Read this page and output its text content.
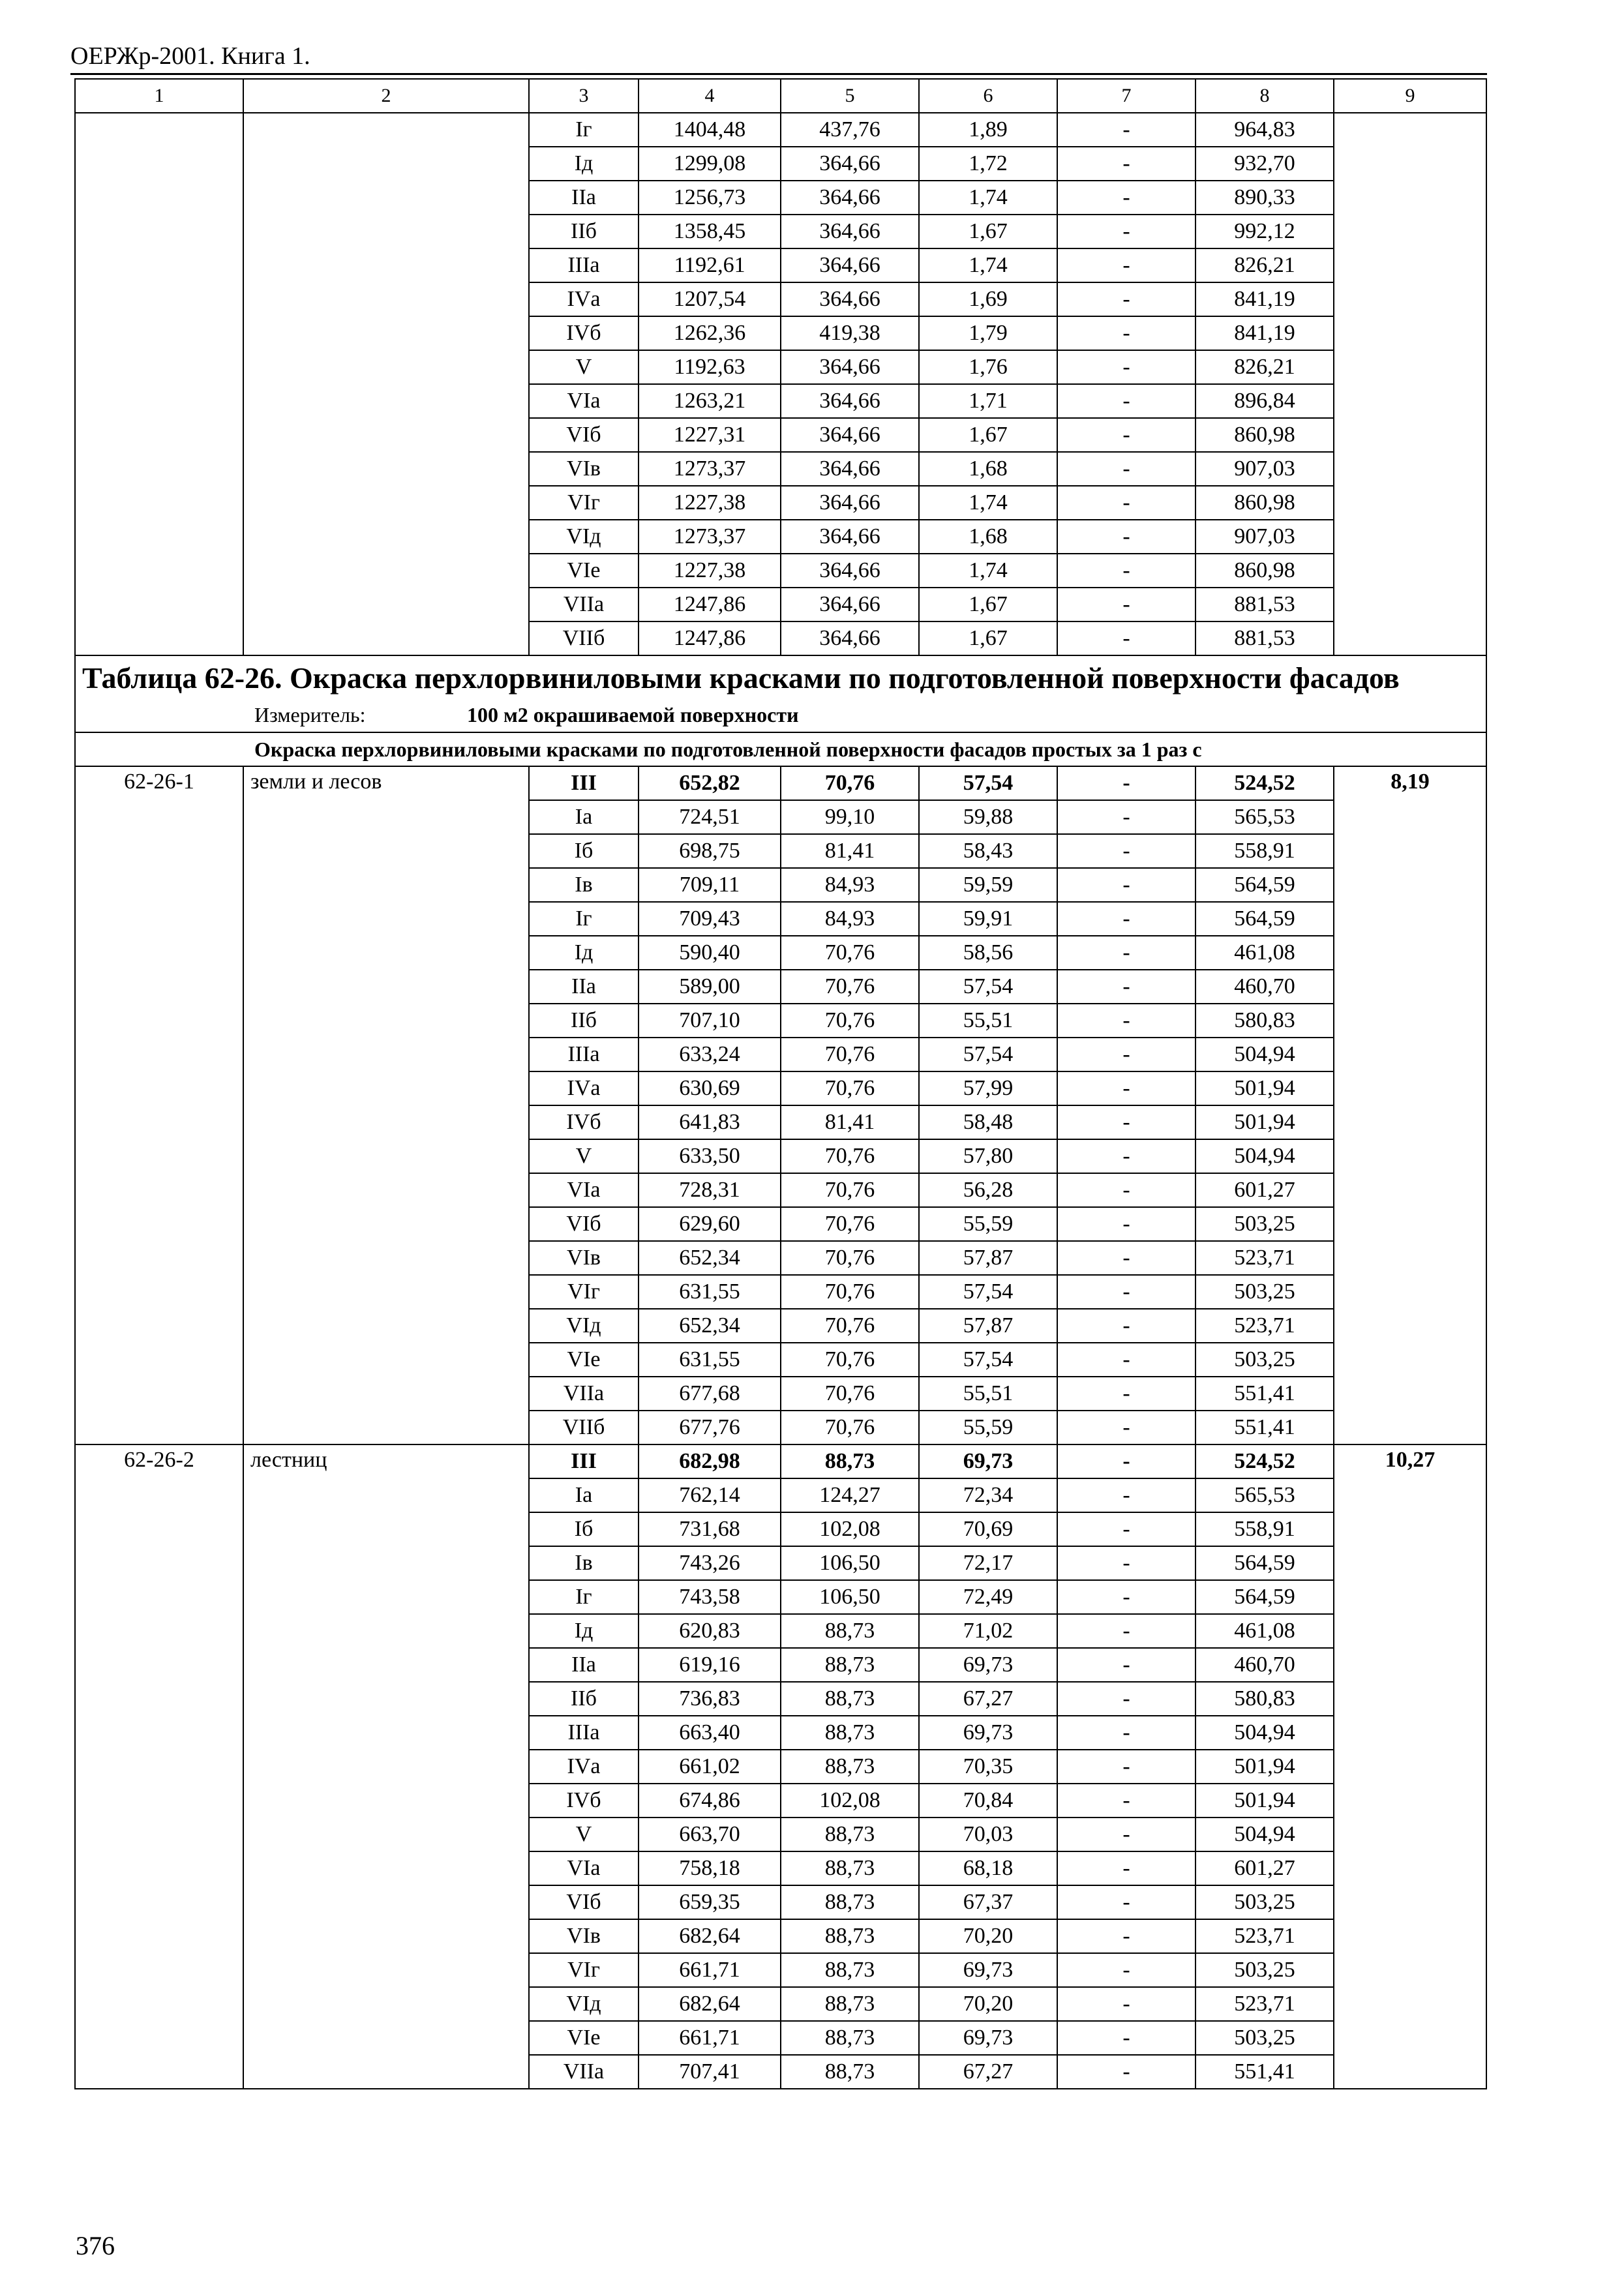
ОЕРЖр-2001. Книга 1.
1	2	3	4	5	6	7	8	9
		Iг	1404,48	437,76	1,89	-	964,83	
		Iд	1299,08	364,66	1,72	-	932,70	
		IIа	1256,73	364,66	1,74	-	890,33	
		IIб	1358,45	364,66	1,67	-	992,12	
		IIIа	1192,61	364,66	1,74	-	826,21	
		IVа	1207,54	364,66	1,69	-	841,19	
		IVб	1262,36	419,38	1,79	-	841,19	
		V	1192,63	364,66	1,76	-	826,21	
		VIа	1263,21	364,66	1,71	-	896,84	
		VIб	1227,31	364,66	1,67	-	860,98	
		VIв	1273,37	364,66	1,68	-	907,03	
		VIг	1227,38	364,66	1,74	-	860,98	
		VIд	1273,37	364,66	1,68	-	907,03	
		VIе	1227,38	364,66	1,74	-	860,98	
		VIIа	1247,86	364,66	1,67	-	881,53	
		VIIб	1247,86	364,66	1,67	-	881,53	

Таблица 62-26. Окраска перхлорвиниловыми красками по подготовленной поверхности фасадов
Измеритель: 100 м2 окрашиваемой поверхности								

Окраска перхлорвиниловыми красками по подготовленной поверхности фасадов простых за 1 раз с								
62-26-1	земли и лесов	III	652,82	70,76	57,54	-	524,52	8,19
		Iа	724,51	99,10	59,88	-	565,53	
		Iб	698,75	81,41	58,43	-	558,91	
		Iв	709,11	84,93	59,59	-	564,59	
		Iг	709,43	84,93	59,91	-	564,59	
		Iд	590,40	70,76	58,56	-	461,08	
		IIа	589,00	70,76	57,54	-	460,70	
		IIб	707,10	70,76	55,51	-	580,83	
		IIIа	633,24	70,76	57,54	-	504,94	
		IVа	630,69	70,76	57,99	-	501,94	
		IVб	641,83	81,41	58,48	-	501,94	
		V	633,50	70,76	57,80	-	504,94	
		VIа	728,31	70,76	56,28	-	601,27	
		VIб	629,60	70,76	55,59	-	503,25	
		VIв	652,34	70,76	57,87	-	523,71	
		VIг	631,55	70,76	57,54	-	503,25	
		VIд	652,34	70,76	57,87	-	523,71	
		VIе	631,55	70,76	57,54	-	503,25	
		VIIа	677,68	70,76	55,51	-	551,41	
		VIIб	677,76	70,76	55,59	-	551,41	
62-26-2	лестниц	III	682,98	88,73	69,73	-	524,52	10,27
		Iа	762,14	124,27	72,34	-	565,53	
		Iб	731,68	102,08	70,69	-	558,91	
		Iв	743,26	106,50	72,17	-	564,59	
		Iг	743,58	106,50	72,49	-	564,59	
		Iд	620,83	88,73	71,02	-	461,08	
		IIа	619,16	88,73	69,73	-	460,70	
		IIб	736,83	88,73	67,27	-	580,83	
		IIIа	663,40	88,73	69,73	-	504,94	
		IVа	661,02	88,73	70,35	-	501,94	
		IVб	674,86	102,08	70,84	-	501,94	
		V	663,70	88,73	70,03	-	504,94	
		VIа	758,18	88,73	68,18	-	601,27	
		VIб	659,35	88,73	67,37	-	503,25	
		VIв	682,64	88,73	70,20	-	523,71	
		VIг	661,71	88,73	69,73	-	503,25	
		VIд	682,64	88,73	70,20	-	523,71	
		VIе	661,71	88,73	69,73	-	503,25	
		VIIа	707,41	88,73	67,27	-	551,41	
376
